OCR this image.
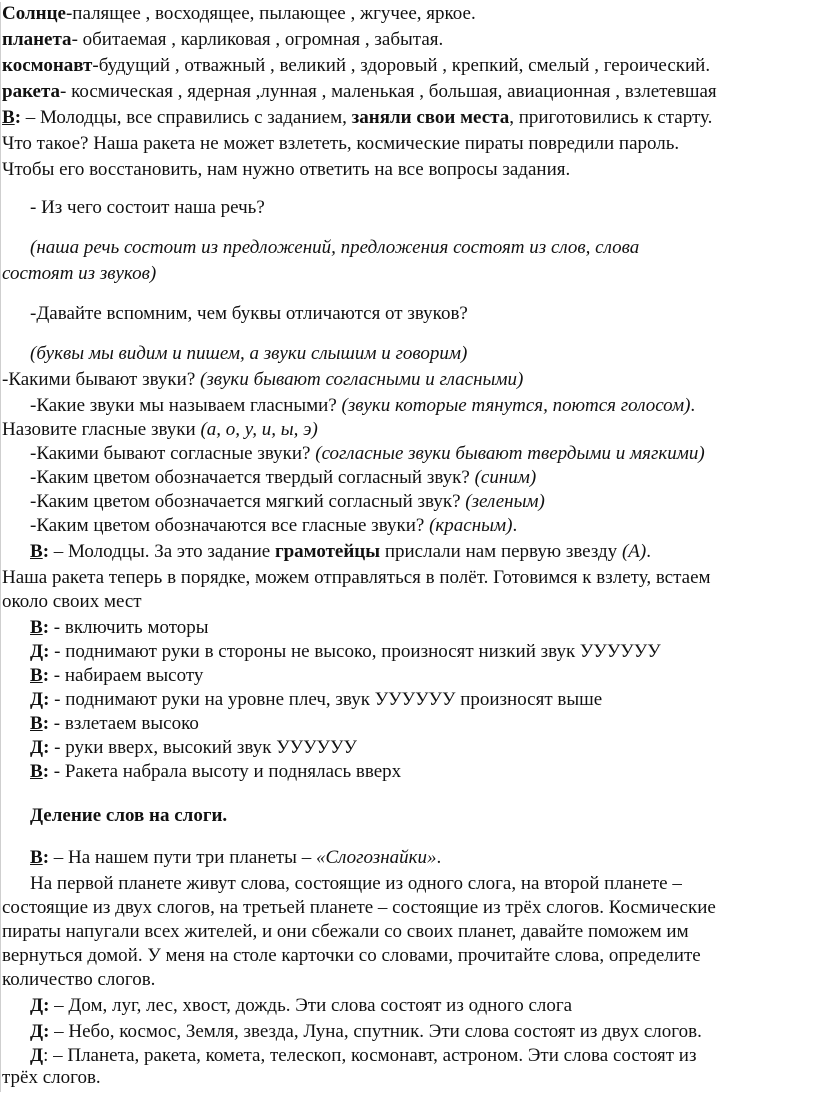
Солнце-палящее , восходящее, пылающее , жгучее, яркое.
планета- обитаемая , карликовая , огромная , забытая.
космонавт-будущий , отважный , великий , здоровый , крепкий, смелый , героический.
ракета- космическая , ядерная ,лунная , маленькая , большая, авиационная , взлетевшая
В: – Молодцы, все справились с заданием, заняли свои места, приготовились к старту.
Что такое? Наша ракета не может взлететь, космические пираты повредили пароль.
Чтобы его восстановить, нам нужно ответить на все вопросы задания.
- Из чего состоит наша речь?
(наша речь состоит из предложений, предложения состоят из слов, слова
состоят из звуков)
-Давайте вспомним, чем буквы отличаются от звуков?
(буквы мы видим и пишем, а звуки слышим и говорим)
-Какими бывают звуки? (звуки бывают согласными и гласными)
-Какие звуки мы называем гласными? (звуки которые тянутся, поются голосом).
Назовите гласные звуки (а, о, у, и, ы, э)
-Какими бывают согласные звуки? (согласные звуки бывают твердыми и мягкими)
-Каким цветом обозначается твердый согласный звук? (синим)
-Каким цветом обозначается мягкий согласный звук? (зеленым)
-Каким цветом обозначаются все гласные звуки? (красным).
В: – Молодцы. За это задание грамотейцы прислали нам первую звезду (А).
Наша ракета теперь в порядке, можем отправляться в полёт. Готовимся к взлету, встаем
около своих мест
В: - включить моторы
Д: - поднимают руки в стороны не высоко, произносят низкий звук УУУУУУ
В: - набираем высоту
Д: - поднимают руки на уровне плеч, звук УУУУУУ произносят выше
В: - взлетаем высоко
Д: - руки вверх, высокий звук УУУУУУ
В: - Ракета набрала высоту и поднялась вверх
Деление слов на слоги.
В: – На нашем пути три планеты – «Слогознайки».
На первой планете живут слова, состоящие из одного слога, на второй планете –
состоящие из двух слогов, на третьей планете – состоящие из трёх слогов. Космические
пираты напугали всех жителей, и они сбежали со своих планет, давайте поможем им
вернуться домой. У меня на столе карточки со словами, прочитайте слова, определите
количество слогов.
Д: – Дом, луг, лес, хвост, дождь. Эти слова состоят из одного слога
Д: – Небо, космос, Земля, звезда, Луна, спутник. Эти слова состоят из двух слогов.
Д: – Планета, ракета, комета, телескоп, космонавт, астроном. Эти слова состоят из
трёх слогов.
